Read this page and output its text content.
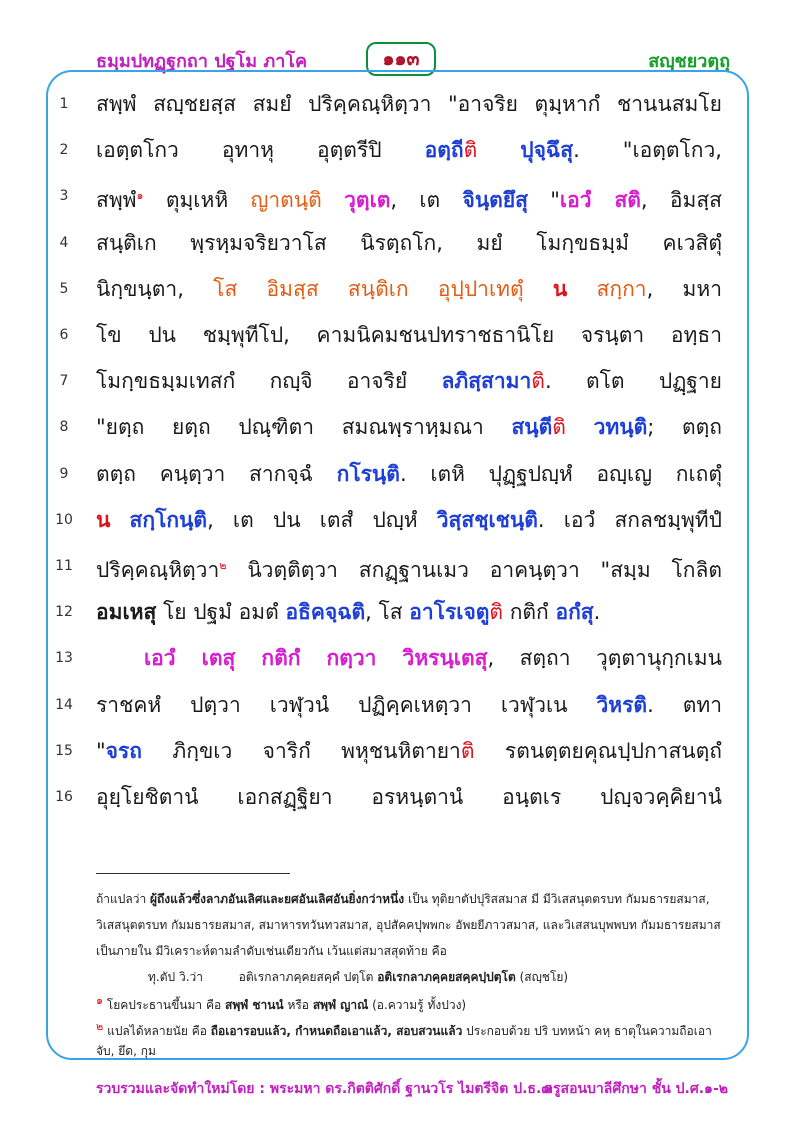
ธมฺมปทฏฺฐกถา ปฐโม ภาโค	๑๑๓	สญฺชยวตฺถุ
1	สพฺพํ สญฺชยสฺส สมยํ ปริคฺคณฺหิตฺวา "อาจริย ตุมฺหากํ ชานนสมโย
2	เอตฺตโกว อุทาหุ อุตฺตรีปิ อตฺถีติ ปุจฺฉึสุ. "เอตฺตโกว,
3	สพฺพํ$^๑$ ตุมฺเหหิ ญาตนฺติ วุตฺเต, เต จินฺตยึสุ "เอวํ สติ, อิมสฺส
4	สนฺติเก พฺรหฺมจริยวาโส นิรตฺถโก, มยํ โมกฺขธมฺมํ คเวสิตุํ
5	นิกฺขนฺตา, โส อิมสฺส สนฺติเก อุปฺปาเทตุํ น สกฺกา, มหา
6	โข ปน ชมฺพุทีโป, คามนิคมชนปทราชธานิโย จรนฺตา อทฺธา
7	โมกฺขธมฺมเทสกํ กญฺจิ อาจริยํ ลภิสฺสามาติ. ตโต ปฏฺฐาย
8	"ยตฺถ ยตฺถ ปณฺฑิตา สมณพฺราหฺมณา สนฺตีติ วทนฺติ; ตตฺถ
9	ตตฺถ คนฺตฺวา สากจฺฉํ กโรนฺติ. เตหิ ปุฏฺฐปญฺหํ อญฺเญ กเถตุํ
10 น สกฺโกนฺติ, เต ปน เตสํ ปญฺหํ วิสฺสชฺเชนฺติ. เอวํ สกลชมฺพุทีปํ
11 ปริคฺคณฺหิตฺวา$^๒$ นิวตฺติตฺวา สกฏฺฐานเมว อาคนฺตฺวา "สมฺม โกลิต
12 อมเหสุ โย ปฐมํ อมตํ อธิคจฺฉติ, โส อาโรเจตูติ กติกํ อกํสุ.
13	เอวํ เตสุ กติกํ กตฺวา วิหรนฺเตสุ, สตฺถา วุตฺตานุกฺกเมน
14 ราชคหํ ปตฺวา เวฬุวนํ ปฏิคฺคเหตฺวา เวฬุวเน วิหรติ. ตทา
15 "จรถ ภิกฺขเว จาริกํ พหุชนหิตายาติ รตนตฺตยคุณปฺปกาสนตฺถํ
16 อุยฺโยชิตานํ เอกสฏฺฐิยา อรหนฺตานํ อนฺตเร ปญฺจวคฺคิยานํ
ถ้าแปลว่า ผู้ถึงแล้วซึ่งลาภอันเลิศและยศอันเลิศอันยิ่งกว่าหนึ่ง เป็น ทุติยาตัปปุริสสมาส มี มีวิเสสนุตตรบท กัมมธารยสมาส,
วิเสสนุตตรบท กัมมธารยสมาส, สมาหารทวันทวสมาส, อุปสัคคปุพพกะ อัพยยีภาวสมาส, และวิเสสนบุพพบท กัมมธารยสมาส
เป็นภายใน มีวิเคราะห์ตามลำดับเช่นเดียวกัน เว้นแต่สมาสสุดท้าย คือ
ทุ.ตัป วิ.ว่า	อติเรกลาภคฺคยสคฺคํ ปตฺโต อติเรกลาภคฺคยสคฺคปฺปตฺโต (สญฺชโย)
$^๑$ โยคประธานขึ้นมา คือ สพฺพํ ชานนํ หรือ สพฺพํ ญาณํ (อ.ความรู้ ทั้งปวง)
$^๒$ แปลได้หลายนัย คือ ถือเอารอบแล้ว, กำหนดถือเอาแล้ว, สอบสวนแล้ว ประกอบด้วย ปริ บทหน้า คหฺ ธาตุในความถือเอา
จับ, ยึด, กุม
รวบรวมและจัดทำใหม่โดย : พระมหา ดร.กิตติศักดิ์ ฐานวโร ไมตรีจิต ป.ธ.๗
ครูสอนบาลีศึกษา ชั้น ป.ศ.๑-๒
